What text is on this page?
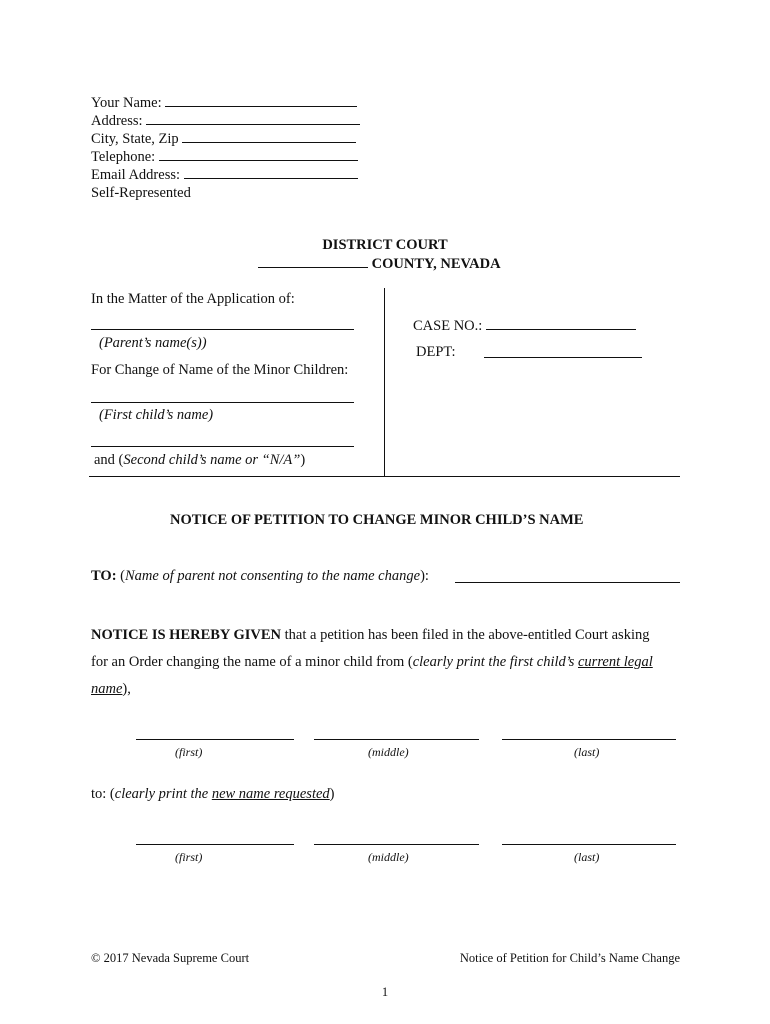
Your Name:
Address:
City, State, Zip
Telephone:
Email Address:
Self-Represented
DISTRICT COURT
COUNTY, NEVADA
In the Matter of the Application of:
(Parent’s name(s))
For Change of Name of the Minor Children:
(First child’s name)
and (Second child’s name or “N/A”)
CASE NO.:
DEPT:
NOTICE OF PETITION TO CHANGE MINOR CHILD’S NAME
TO: (Name of parent not consenting to the name change):
NOTICE IS HEREBY GIVEN that a petition has been filed in the above-entitled Court asking
for an Order changing the name of a minor child from (clearly print the first child’s current legal
name),
(first)	(middle)	(last)
to: (clearly print the new name requested)
(first)	(middle)	(last)
© 2017 Nevada Supreme Court	Notice of Petition for Child’s Name Change
1
